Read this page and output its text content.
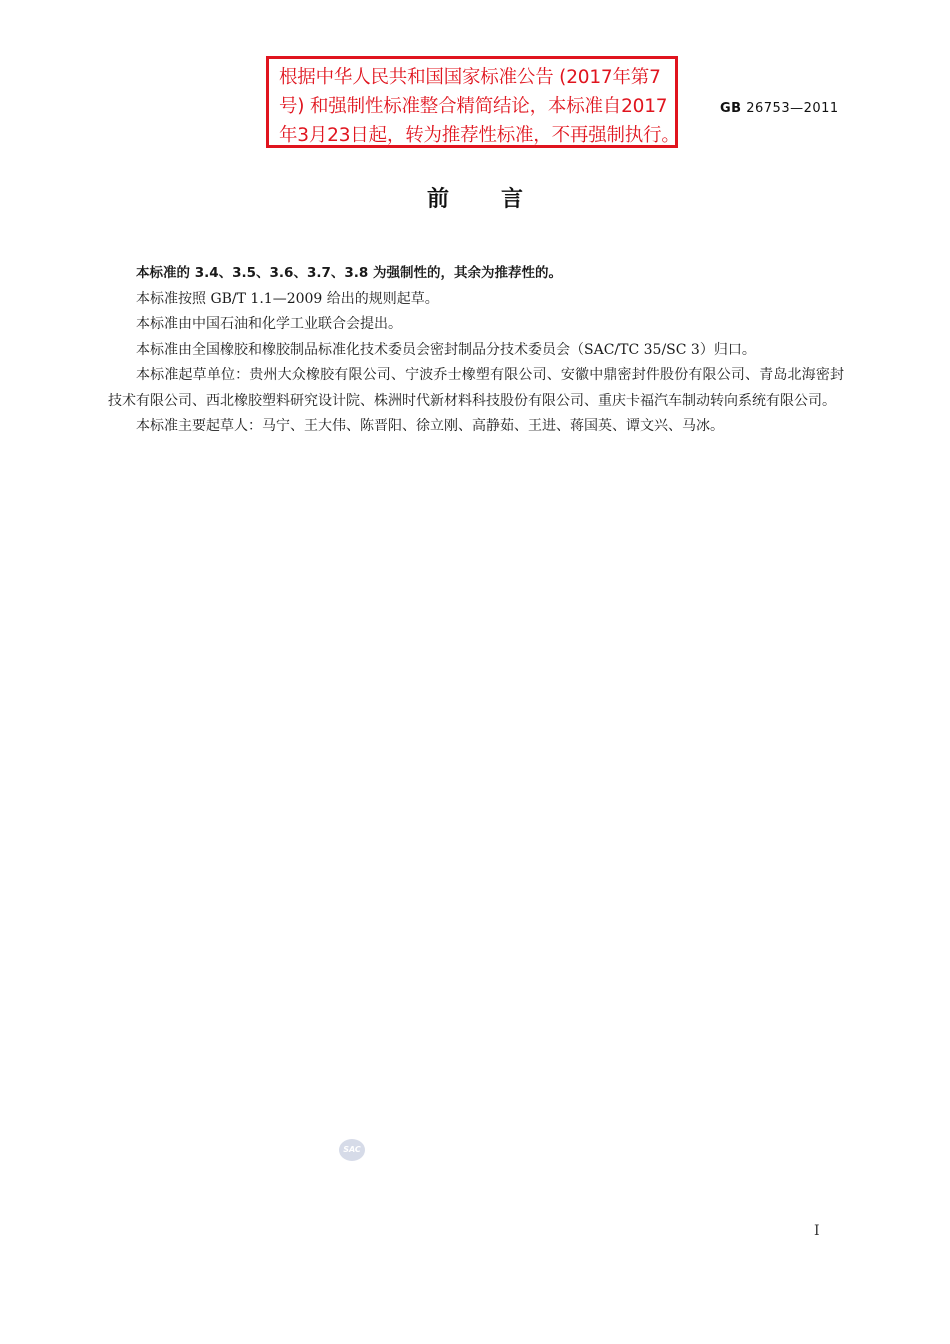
根据中华人民共和国国家标准公告 (2017年第7
号) 和强制性标准整合精简结论，本标准自2017
年3月23日起，转为推荐性标准，不再强制执行。
GB 26753—2011
前言

本标准的 3.4、3.5、3.6、3.7、3.8 为强制性的，其余为推荐性的。

本标准按照 GB/T 1.1—2009 给出的规则起草。

本标准由中国石油和化学工业联合会提出。

本标准由全国橡胶和橡胶制品标准化技术委员会密封制品分技术委员会（SAC/TC 35/SC 3）归口。

本标准起草单位：贵州大众橡胶有限公司、宁波乔士橡塑有限公司、安徽中鼎密封件股份有限公司、青岛北海密封技术有限公司、西北橡胶塑料研究设计院、株洲时代新材料科技股份有限公司、重庆卡福汽车制动转向系统有限公司。

本标准主要起草人：马宁、王大伟、陈晋阳、徐立刚、高静茹、王进、蒋国英、谭文兴、马冰。

SAC
I
